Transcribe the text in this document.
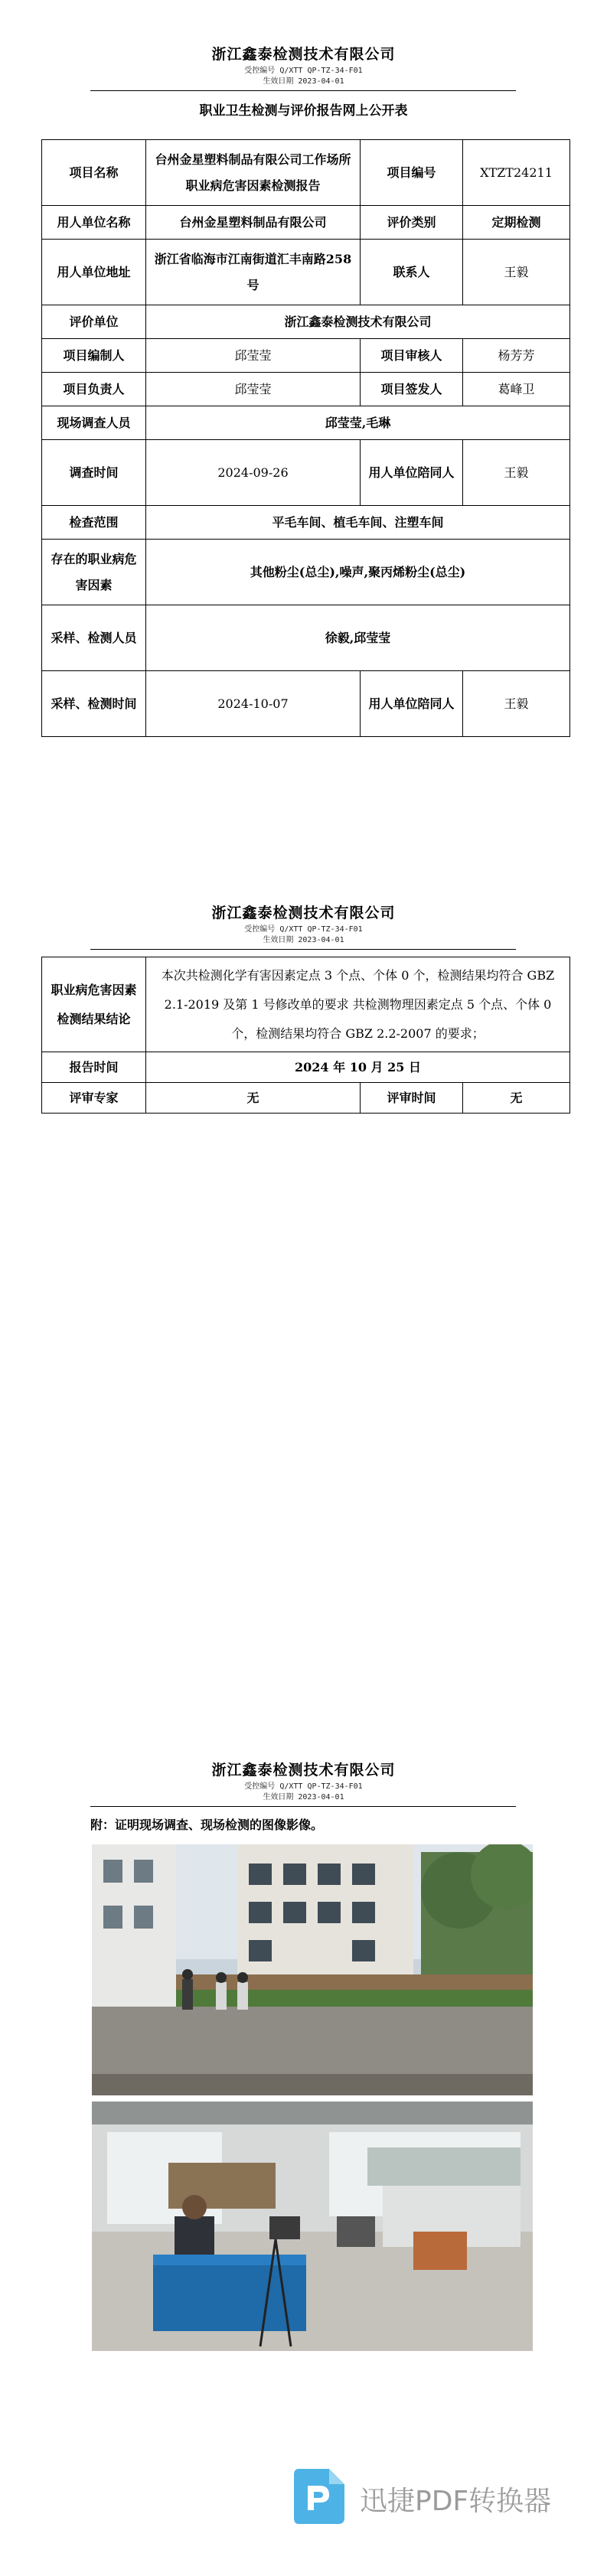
浙江鑫泰检测技术有限公司
受控编号 Q/XTT QP-TZ-34-F01
生效日期 2023-04-01
职业卫生检测与评价报告网上公开表
项目名称	台州金星塑料制品有限公司工作场所职业病危害因素检测报告	项目编号	XTZT24211
用人单位名称	台州金星塑料制品有限公司	评价类别	定期检测
用人单位地址	浙江省临海市江南街道汇丰南路258号	联系人	王毅
评价单位	浙江鑫泰检测技术有限公司		
项目编制人	邱莹莹	项目审核人	杨芳芳
项目负责人	邱莹莹	项目签发人	葛峰卫
现场调查人员	邱莹莹,毛琳		
调查时间	2024-09-26	用人单位陪同人	王毅
检查范围	平毛车间、植毛车间、注塑车间		
存在的职业病危害因素	其他粉尘(总尘),噪声,聚丙烯粉尘(总尘)		
采样、检测人员	徐毅,邱莹莹		
采样、检测时间	2024-10-07	用人单位陪同人	王毅
浙江鑫泰检测技术有限公司
受控编号 Q/XTT QP-TZ-34-F01
生效日期 2023-04-01
职业病危害因素检测结果结论	本次共检测化学有害因素定点 3 个点、个体 0 个，检测结果均符合 GBZ 2.1-2019 及第 1 号修改单的要求 共检测物理因素定点 5 个点、个体 0 个，检测结果均符合 GBZ 2.2-2007 的要求；		
报告时间	2024 年 10 月 25 日		
评审专家	无	评审时间	无
浙江鑫泰检测技术有限公司
受控编号 Q/XTT QP-TZ-34-F01
生效日期 2023-04-01
附：证明现场调查、现场检测的图像影像。
迅捷PDF转换器
